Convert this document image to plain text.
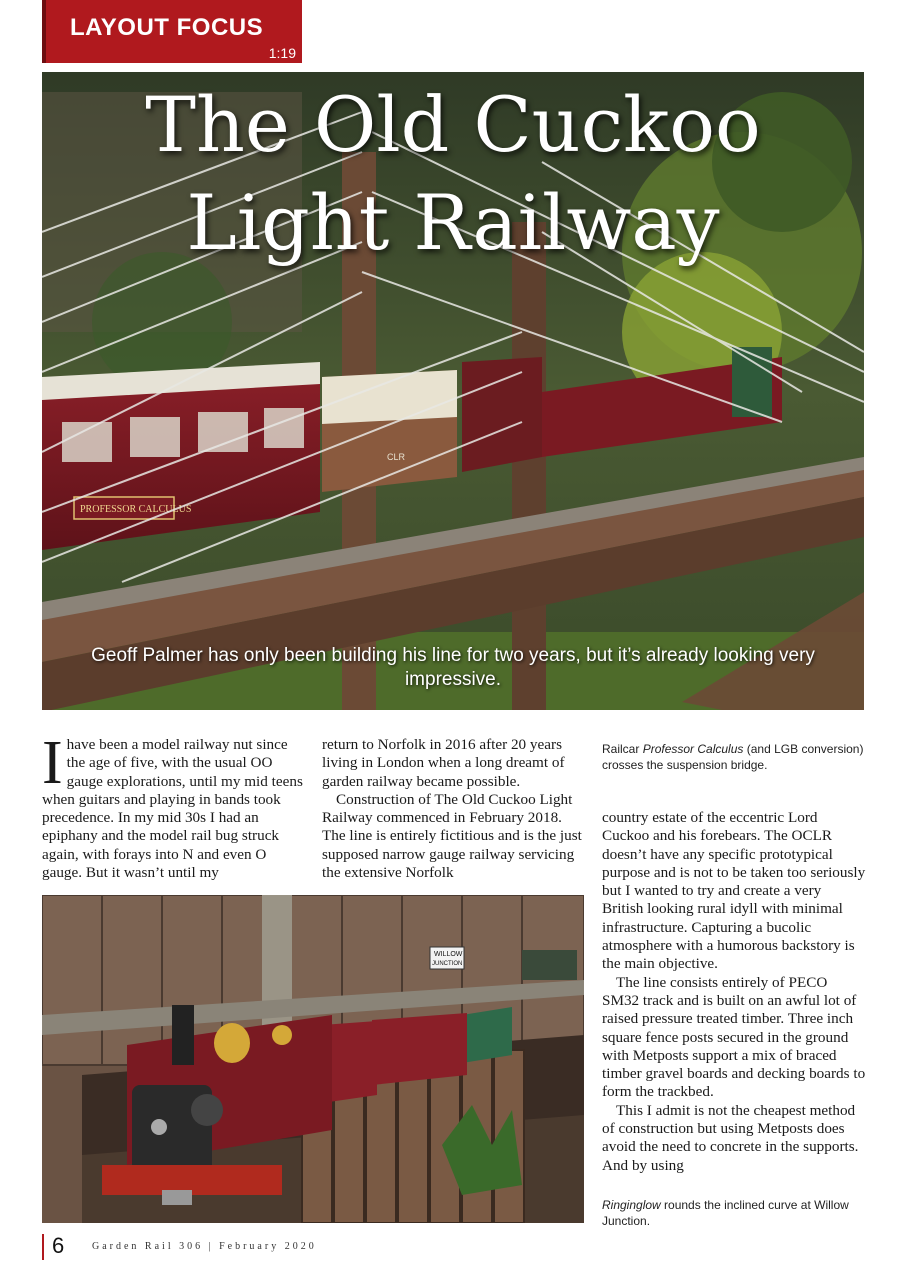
LAYOUT FOCUS
1:19
CLR
PROFESSOR CALCULUS
The Old Cuckoo
Light Railway
Geoff Palmer has only been building his line for two years, but it’s already looking very impressive.

Ihave been a model railway nut since the age of five, with the usual OO gauge explorations, until my mid teens when guitars and playing in bands took precedence. In my mid 30s I had an epiphany and the model rail bug struck again, with forays into N and even O gauge. But it wasn’t until my

return to Norfolk in 2016 after 20 years living in London when a long dreamt of garden railway became possible.

Construction of The Old Cuckoo Light Railway commenced in February 2018. The line is entirely fictitious and is the just supposed narrow gauge railway servicing the extensive Norfolk

Railcar Professor Calculus (and LGB conversion) crosses the suspension bridge.

country estate of the eccentric Lord Cuckoo and his forebears. The OCLR doesn’t have any specific prototypical purpose and is not to be taken too seriously but I wanted to try and create a very British looking rural idyll with minimal infrastructure. Capturing a bucolic atmosphere with a humorous backstory is the main objective.

The line consists entirely of PECO SM32 track and is built on an awful lot of raised pressure treated timber. Three inch square fence posts secured in the ground with Metposts support a mix of braced timber gravel boards and decking boards to form the trackbed.

This I admit is not the cheapest method of construction but using Metposts does avoid the need to concrete in the supports. And by using

WILLOW
JUNCTION
Ringinglow rounds the inclined curve at Willow Junction.
6	Garden Rail 306 | February 2020
